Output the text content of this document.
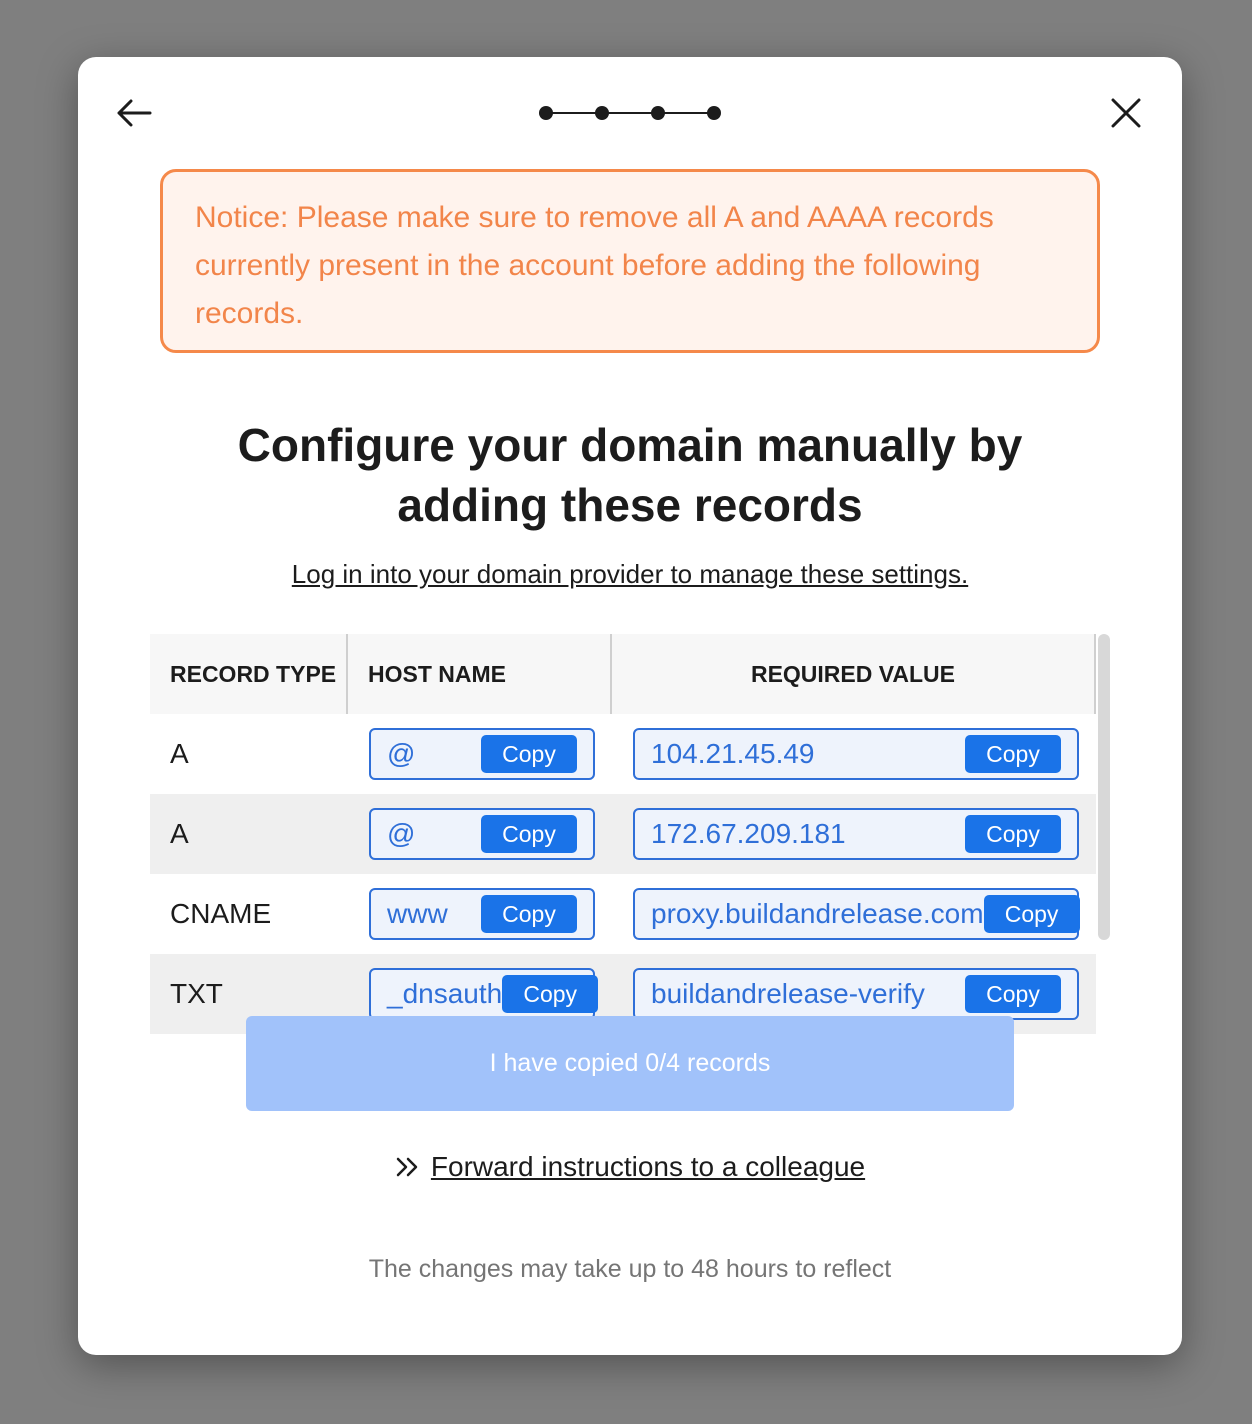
Notice: Please make sure to remove all A and AAAA records currently present in the account before adding the following records.

Configure your domain manually by adding these records
Log in into your domain provider to manage these settings.
RECORD TYPE	HOST NAME	REQUIRED VALUE
A	@	Copy	104.21.45.49	Copy
A	@	Copy	172.67.209.181	Copy
CNAME	www	Copy	proxy.buildandrelease.com Copy
TXT	_dnsauth Copy	buildandrelease-verify	Copy
I have copied 0/4 records
Forward instructions to a colleague

The changes may take up to 48 hours to reflect
